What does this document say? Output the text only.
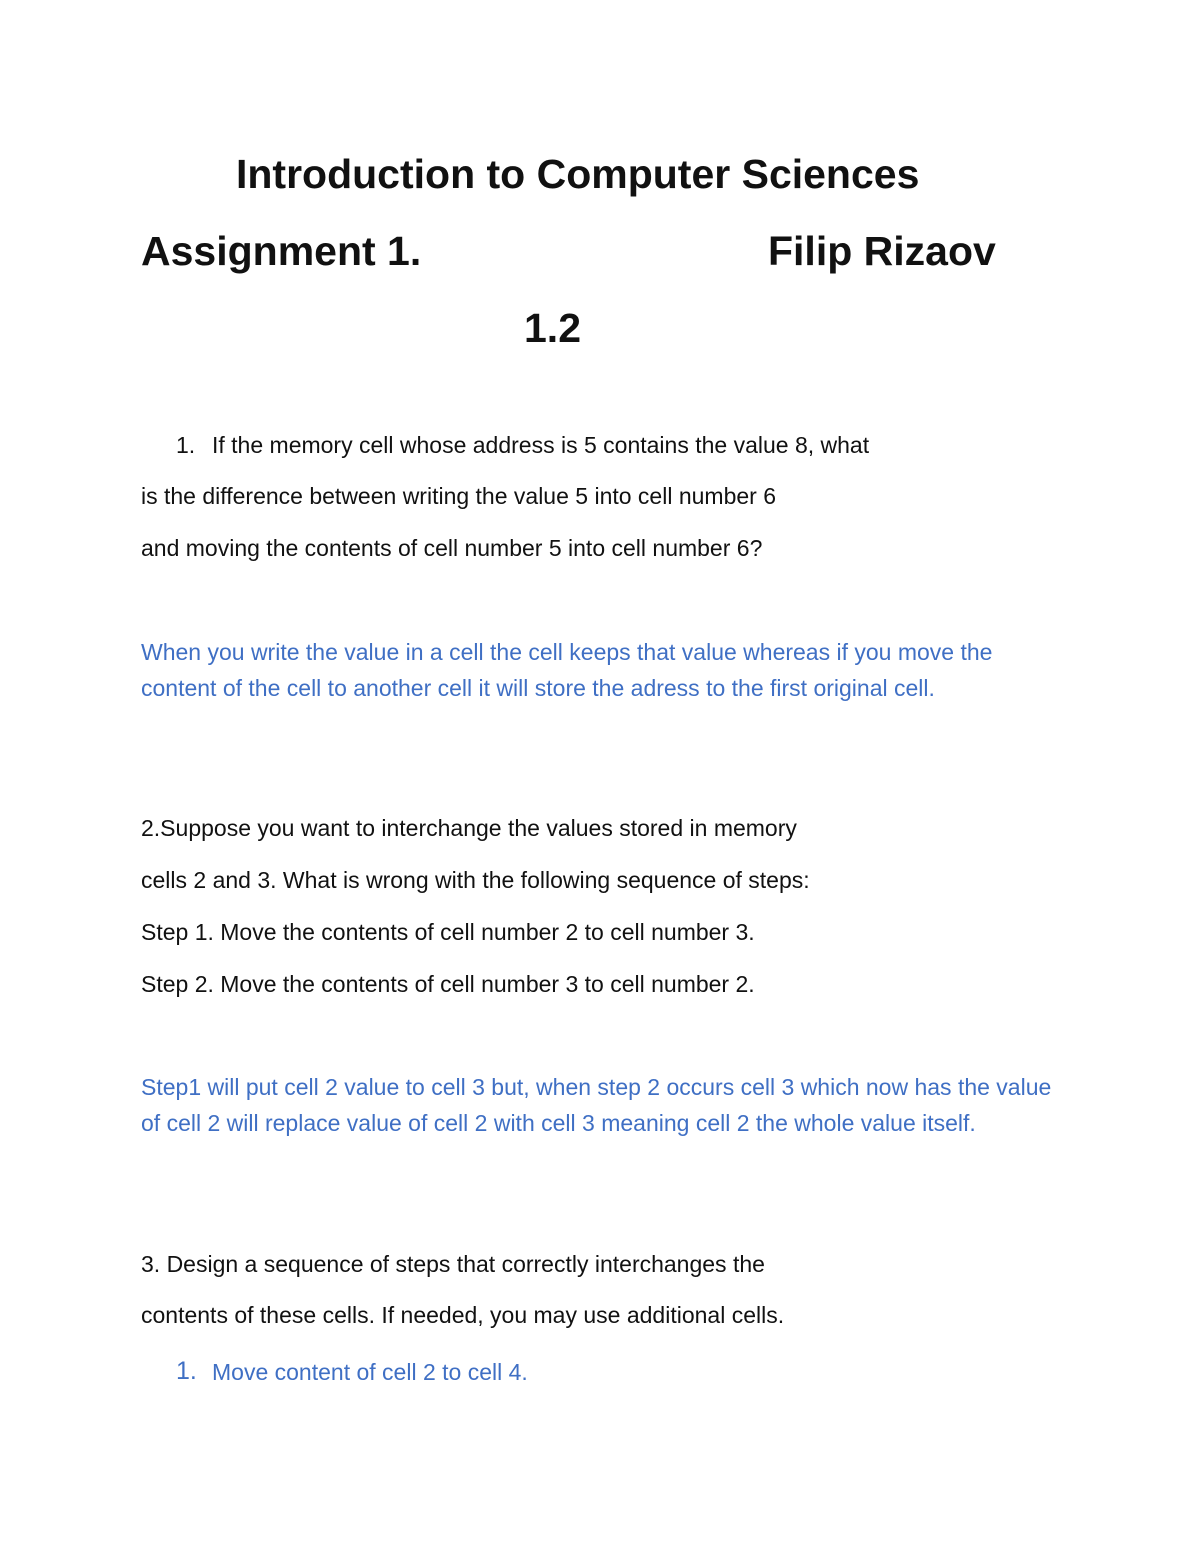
Introduction to Computer Sciences
Assignment 1.	Filip Rizaov
1.2
1. If the memory cell whose address is 5 contains the value 8, what
is the difference between writing the value 5 into cell number 6
and moving the contents of cell number 5 into cell number 6?

When you write the value in a cell the cell keeps that value whereas if you move the content of the cell to another cell it will store the adress to the first original cell.

2.Suppose you want to interchange the values stored in memory
cells 2 and 3. What is wrong with the following sequence of steps:
Step 1. Move the contents of cell number 2 to cell number 3.
Step 2. Move the contents of cell number 3 to cell number 2.

Step1 will put cell 2 value to cell 3 but, when step 2 occurs cell 3 which now has the value of cell 2 will replace value of cell 2 with cell 3 meaning cell 2 the whole value itself.

3. Design a sequence of steps that correctly interchanges the
contents of these cells. If needed, you may use additional cells.
1. Move content of cell 2 to cell 4.
